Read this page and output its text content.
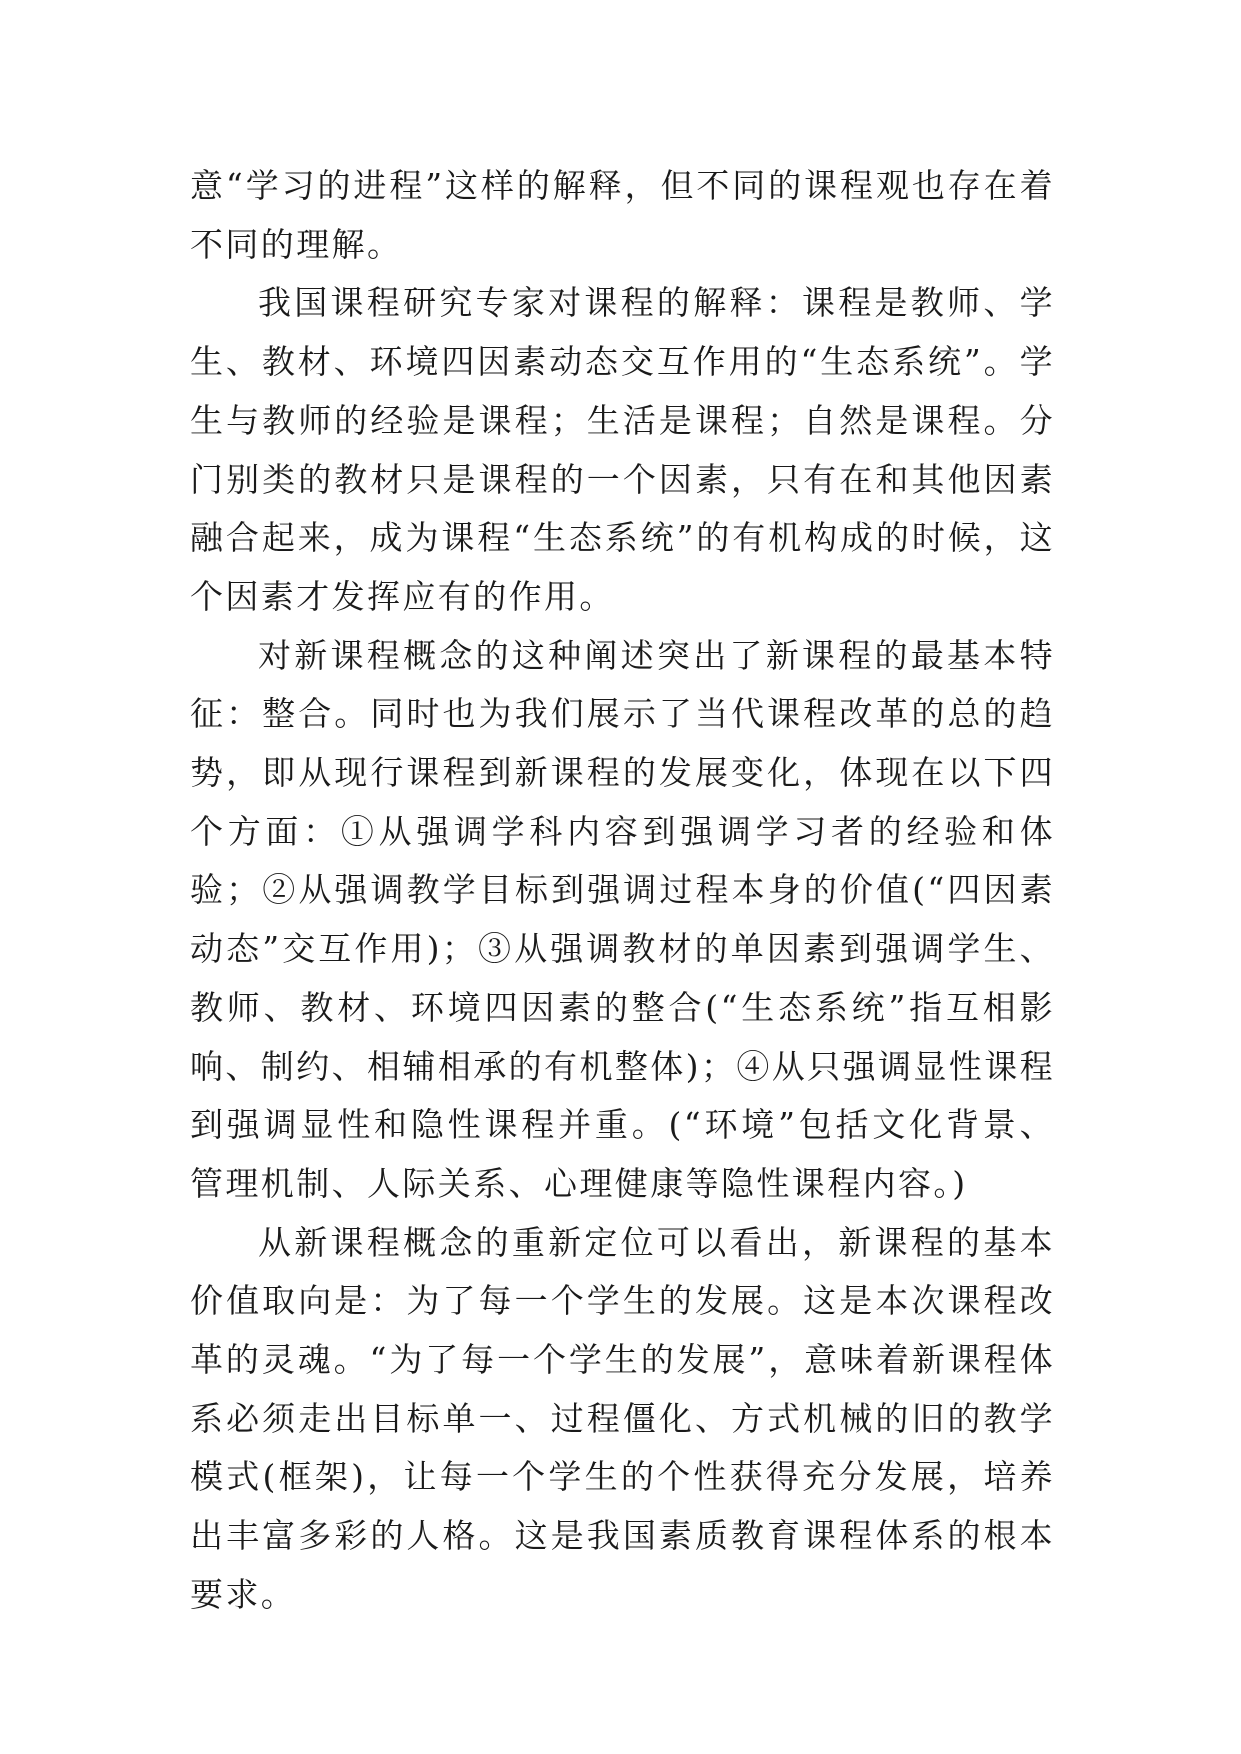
意“学习的进程”这样的解释，但不同的课程观也存在着不同的理解。

我国课程研究专家对课程的解释：课程是教师、学生、教材、环境四因素动态交互作用的“生态系统”。学生与教师的经验是课程；生活是课程；自然是课程。分门别类的教材只是课程的一个因素，只有在和其他因素融合起来，成为课程“生态系统”的有机构成的时候，这个因素才发挥应有的作用。

对新课程概念的这种阐述突出了新课程的最基本特征：整合。同时也为我们展示了当代课程改革的总的趋势，即从现行课程到新课程的发展变化，体现在以下四个方面：①从强调学科内容到强调学习者的经验和体验；②从强调教学目标到强调过程本身的价值(“四因素动态”交互作用)；③从强调教材的单因素到强调学生、教师、教材、环境四因素的整合(“生态系统”指互相影响、制约、相辅相承的有机整体)；④从只强调显性课程到强调显性和隐性课程并重。(“环境”包括文化背景、管理机制、人际关系、心理健康等隐性课程内容。)

从新课程概念的重新定位可以看出，新课程的基本价值取向是：为了每一个学生的发展。这是本次课程改革的灵魂。“为了每一个学生的发展”，意味着新课程体系必须走出目标单一、过程僵化、方式机械的旧的教学模式(框架)，让每一个学生的个性获得充分发展，培养出丰富多彩的人格。这是我国素质教育课程体系的根本要求。
